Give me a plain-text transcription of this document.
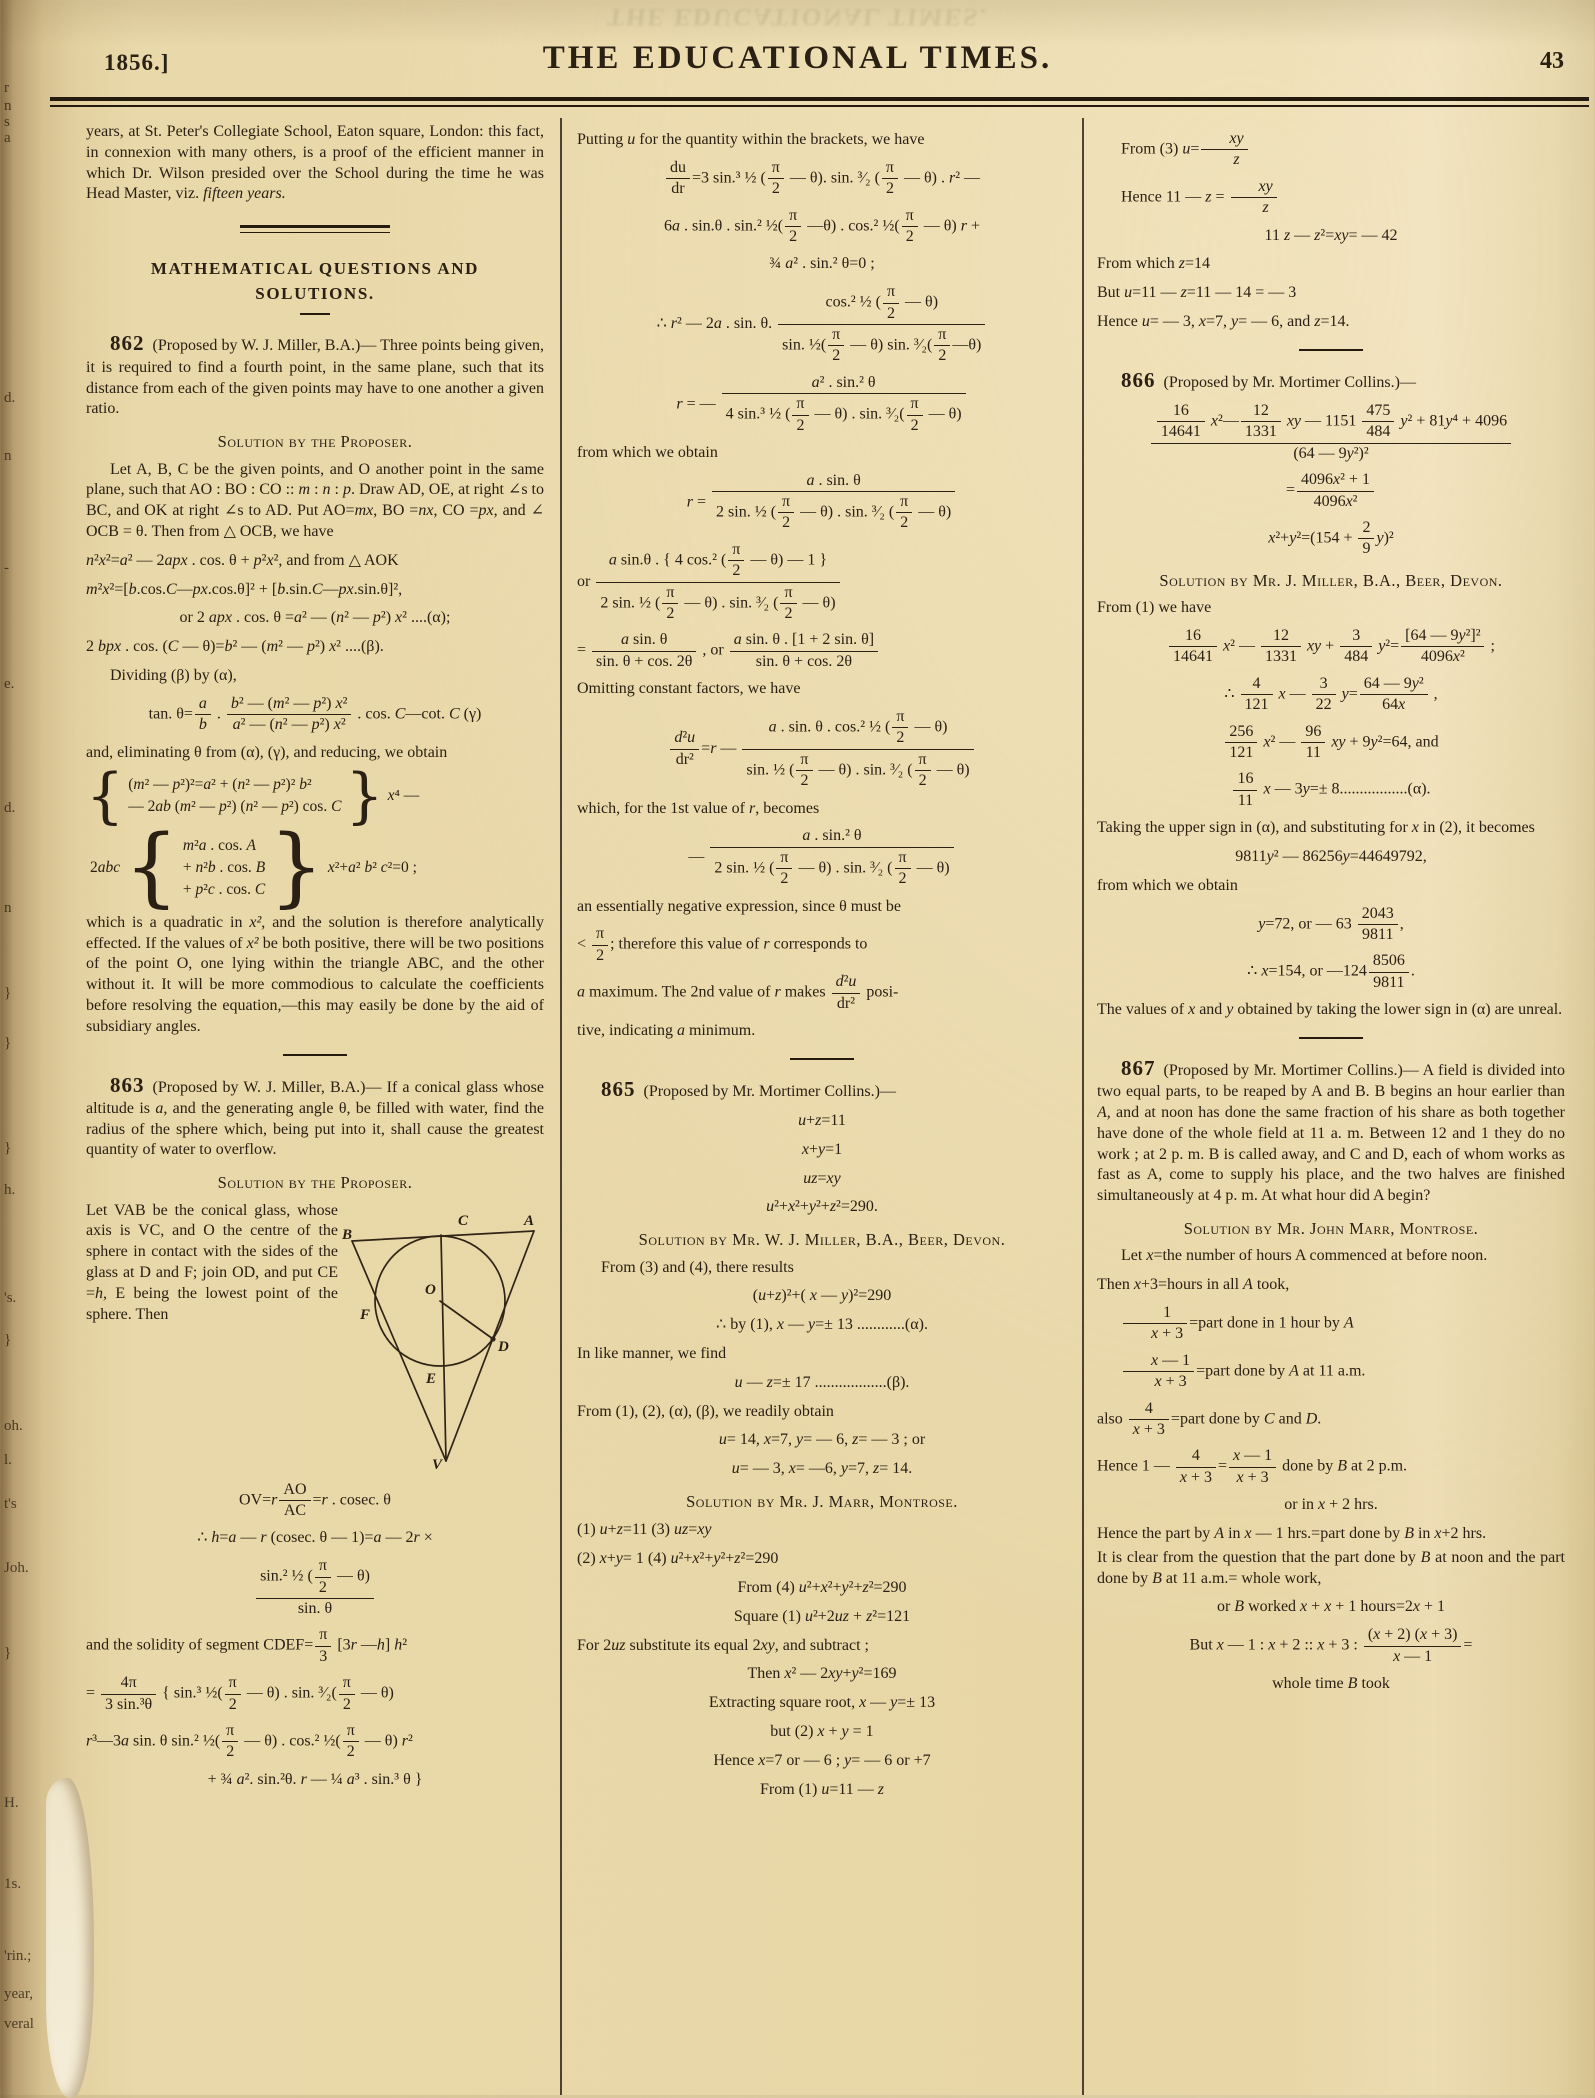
THE EDUCATIONAL TIMES.
1856.]	THE EDUCATIONAL TIMES.	43
r
n
s
a
d.
n
-
e.
d.
n
}
}
}
h.
's.
}
oh.
l.
t's
Joh.
}
H.
1s.
'rin.;
year,
veral

years, at St. Peter's Collegiate School, Eaton square, London: this fact, in connexion with many others, is a proof of the efficient manner in which Dr. Wilson presided over the School during the time he was Head Master, viz. fifteen years.

MATHEMATICAL QUESTIONS AND
SOLUTIONS.

862 (Proposed by W. J. Miller, B.A.)— Three points being given, it is required to find a fourth point, in the same plane, such that its distance from each of the given points may have to one another a given ratio.

Solution by the Proposer.

Let A, B, C be the given points, and O another point in the same plane, such that AO : BO : CO :: m : n : p. Draw AD, OE, at right ∠s to BC, and OK at right ∠s to AD. Put AO=mx, BO =nx, CO =px, and ∠ OCB = θ. Then from △ OCB, we have

n²x²=a² — 2apx . cos. θ + p²x², and from △ AOK
m²x²=[b.cos.C—px.cos.θ]² + [b.sin.C—px.sin.θ]²,
or 2 apx . cos. θ =a² — (n² — p²) x² ....(α);
2 bpx . cos. (C — θ)=b² — (m² — p²) x² ....(β).

Dividing (β) by (α),

tan. $\theta= \frac{a}{b}$ . $\frac{\text{b² — (m² — p²) x²}}{\text{a² — (n² — p²) x²}}$ . cos. C—cot. C (γ)

and, eliminating θ from (α), (γ), and reducing, we obtain

{ (m² — p²)²=a² + (n² — p²)² b²
— 2ab (m² — p²) (n² — p²) cos. C } x⁴ —
2abc { m²a . cos. A
+ n²b . cos. B
+ p²c . cos. C } x²+a² b² c²=0 ;

which is a quadratic in x², and the solution is therefore analytically effected. If the values of x² be both positive, there will be two positions of the point O, one lying within the triangle ABC, and the other without it. It will be more commodious to calculate the coefficients before resolving the equation,—this may easily be done by the aid of subsidiary angles.

863 (Proposed by W. J. Miller, B.A.)— If a conical glass whose altitude is a, and the generating angle θ, be filled with water, find the radius of the sphere which, being put into it, shall cause the greatest quantity of water to overflow.

Solution by the Proposer.

Let VAB be the conical glass, whose axis is VC, and O the centre of the sphere in contact with the sides of the glass at D and F; join OD, and put CE =h, E being the lowest point of the sphere. Then
B
C	A
O
F
D
E
V
$OV=r \frac{AO}{AC} =r$ . cosec. θ
∴ h=a — r (cosec. θ — 1)=a — 2r ×
$\frac{\sin.^2 \frac{1}{2} ( \frac{\pi}{2} — \theta)}{\sin. \theta}$
and the solidity of segment CDEF= $\frac{\pi}{3} [3r$ —h] h²
= $\frac{4\pi}{\text{3 sin.³θ}}$ { sin.³ ½( $\frac{\pi}{2}$ — θ) . sin. ³⁄₂( $\frac{\pi}{2}$ — θ)
r³—3a sin. θ sin.² ½( $\frac{\pi}{2}$ — θ) . cos.² ½( $\frac{\pi}{2}$ — θ) r²
+ ¾ a². sin.²θ. r — ¼ a³ . sin.³ θ }
Putting u for the quantity within the brackets, we have
$\frac{du}{dr} =3$ sin.³ ½ ( $\frac{\pi}{2}$ — θ). sin. ³⁄₂ ( $\frac{\pi}{2}$ — θ) . r² —
6a . sin.θ . sin.² ½( $\frac{\pi}{2}$ —θ) . cos.² ½( $\frac{\pi}{2}$ — θ) r +
¾ a² . sin.² θ=0 ;
∴ r² — 2a . sin. θ. $\frac{\cos.^2 \frac{1}{2} ( \frac{\pi}{2} — \theta)}{\sin. \frac{1}{2}( \frac{\pi}{2} — \theta) \sin. ^3⁄_2( \frac{\pi}{2} —\theta)}$
r = — $\frac{\text{a² . sin.² θ}}{4 \sin.^3 \frac{1}{2} ( \frac{\pi}{2} — \theta) . \sin. ^3⁄_2( \frac{\pi}{2} — \theta)}$
from which we obtain
$r = \frac{a . \sin. \theta}{2 \sin. \frac{1}{2} ( \frac{\pi}{2} — \theta) . \sin. ^3⁄_2 ( \frac{\pi}{2} — \theta)}$
or $\frac{a \sin.\theta . \{ 4 \cos.^2 ( \frac{\pi}{2} — \theta) — 1 \}}{2 \sin. \frac{1}{2} ( \frac{\pi}{2} — \theta) . \sin. ^3⁄_2 ( \frac{\pi}{2} — \theta)}$
= $\frac{\text{a sin. θ}}{\sin. \theta + \cos. 2\theta}$ , or $\frac{\text{a sin. θ . [1 + 2 sin. θ]}}{\sin. \theta + \cos. 2\theta}$
Omitting constant factors, we have
$\frac{\text{d²u}}{\text{dr²}} =r$ — $\frac{a . \sin. \theta . \cos.^2 \frac{1}{2} ( \frac{\pi}{2} — \theta)}{\sin. \frac{1}{2} ( \frac{\pi}{2} — \theta) . \sin. ^3⁄_2 ( \frac{\pi}{2} — \theta)}$
which, for the 1st value of r, becomes
— $\frac{\text{a . sin.² θ}}{2 \sin. \frac{1}{2} ( \frac{\pi}{2} — \theta) . \sin. ^3⁄_2 ( \frac{\pi}{2} — \theta)}$
an essentially negative expression, since θ must be
< $\frac{\pi}{2}$ ; therefore this value of r corresponds to
a maximum. The 2nd value of r makes $\frac{\text{d²u}}{\text{dr²}}$ posi-
tive, indicating a minimum.

865 (Proposed by Mr. Mortimer Collins.)—

u+z=11
x+y=1
uz=xy
u²+x²+y²+z²=290.

Solution by Mr. W. J. Miller, B.A., Beer, Devon.

From (3) and (4), there results

(u+z)²+( x — y)²=290
∴ by (1), x — y=± 13 ............(α).

In like manner, we find

u — z=± 17 ..................(β).

From (1), (2), (α), (β), we readily obtain

u= 14, x=7, y= — 6, z= — 3 ; or
u= — 3, x= —6, y=7, z= 14.

Solution by Mr. J. Marr, Montrose.

(1) u+z=11 (3) uz=xy
(2) x+y= 1 (4) u²+x²+y²+z²=290
From (4) u²+x²+y²+z²=290
Square (1) u²+2uz + z²=121
For 2uz substitute its equal 2xy, and subtract ;
Then x² — 2xy+y²=169
Extracting square root, x — y=± 13
but (2) x + y = 1
Hence x=7 or — 6 ; y= — 6 or +7
From (1) u=11 — z
From (3) $u= \frac{xy}{z}$
Hence 11 — $z = \frac{xy}{z}$
11 z — z²=xy= — 42
From which z=14
But u=11 — z=11 — 14 = — 3
Hence u= — 3, x=7, y= — 6, and z=14.

866 (Proposed by Mr. Mortimer Collins.)—

$\frac{\frac{16}{14641} x^2— \frac{12}{1331} xy — 1151 \frac{475}{484} y^2 + 81y^4 + 4096}{\text{(64 — 9y²)²}}$
= $\frac{\text{4096x² + 1}}{\text{4096x²}}$
$x^2+y^2=(154 + \frac{2}{9} y)^2$

Solution by Mr. J. Miller, B.A., Beer, Devon.

From (1) we have

$\frac{16}{14641} x^2$ — $\frac{12}{1331}$ xy + $\frac{3}{484} y^2= \frac{\text{[64 — 9y²]²}}{\text{4096x²}}$ ;
∴ $\frac{4}{121}$ x — $\frac{3}{22} y= \frac{\text{64 — 9y²}}{64x}$ ,
$\frac{256}{121} x^2$ — $\frac{96}{11}$ xy + 9y²=64, and
$\frac{16}{11}$ x — 3y=± 8.................(α).

Taking the upper sign in (α), and substituting for x in (2), it becomes

9811y² — 86256y=44649792,

from which we obtain

y=72, or — $63 \frac{2043}{9811}$ ,
∴ x=154, or —124 $\frac{8506}{9811}$ .

The values of x and y obtained by taking the lower sign in (α) are unreal.

867 (Proposed by Mr. Mortimer Collins.)— A field is divided into two equal parts, to be reaped by A and B. B begins an hour earlier than A, and at noon has done the same fraction of his share as both together have done of the whole field at 11 a. m. Between 12 and 1 they do no work ; at 2 p. m. B is called away, and C and D, each of whom works as fast as A, come to supply his place, and the two halves are finished simultaneously at 4 p. m. At what hour did A begin?

Solution by Mr. John Marr, Montrose.

Let x=the number of hours A commenced at before noon.

Then x+3=hours in all A took,
$\frac{1}{x + 3}$ =part done in 1 hour by A
$\frac{x — 1}{x + 3}$ =part done by A at 11 a.m.
also $\frac{4}{x + 3}$ =part done by C and D.
Hence 1 — $\frac{4}{x + 3} = \frac{x — 1}{x + 3}$ done by B at 2 p.m.
or in x + 2 hrs.

Hence the part by A in x — 1 hrs.=part done by B in x+2 hrs.

It is clear from the question that the part done by B at noon and the part done by B at 11 a.m.= whole work,

or B worked x + x + 1 hours=2x + 1
But x — 1 : x + 2 :: x + 3 : $\frac{(x + 2) (x + 3)}{x — 1}$ =
whole time B took
